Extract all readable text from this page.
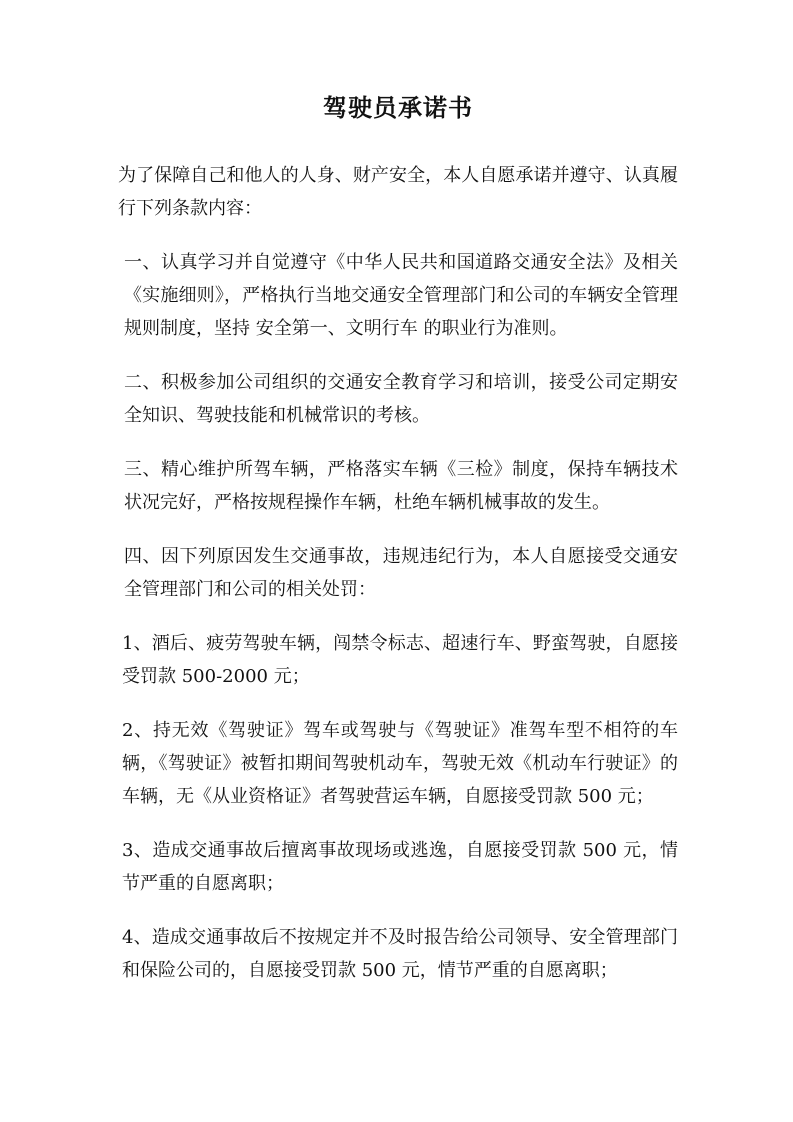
驾驶员承诺书

为了保障自己和他人的人身、财产安全，本人自愿承诺并遵守、认真履行下列条款内容：

一、认真学习并自觉遵守《中华人民共和国道路交通安全法》及相关《实施细则》，严格执行当地交通安全管理部门和公司的车辆安全管理规则制度，坚持 安全第一、文明行车 的职业行为准则。

二、积极参加公司组织的交通安全教育学习和培训，接受公司定期安全知识、驾驶技能和机械常识的考核。

三、精心维护所驾车辆，严格落实车辆《三检》制度，保持车辆技术状况完好，严格按规程操作车辆，杜绝车辆机械事故的发生。

四、因下列原因发生交通事故，违规违纪行为，本人自愿接受交通安全管理部门和公司的相关处罚：

1、酒后、疲劳驾驶车辆，闯禁令标志、超速行车、野蛮驾驶，自愿接受罚款 500-2000 元；

2、持无效《驾驶证》驾车或驾驶与《驾驶证》准驾车型不相符的车辆，《驾驶证》被暂扣期间驾驶机动车，驾驶无效《机动车行驶证》的车辆，无《从业资格证》者驾驶营运车辆，自愿接受罚款 500 元；

3、造成交通事故后擅离事故现场或逃逸，自愿接受罚款 500 元，情节严重的自愿离职；

4、造成交通事故后不按规定并不及时报告给公司领导、安全管理部门和保险公司的，自愿接受罚款 500 元，情节严重的自愿离职；
